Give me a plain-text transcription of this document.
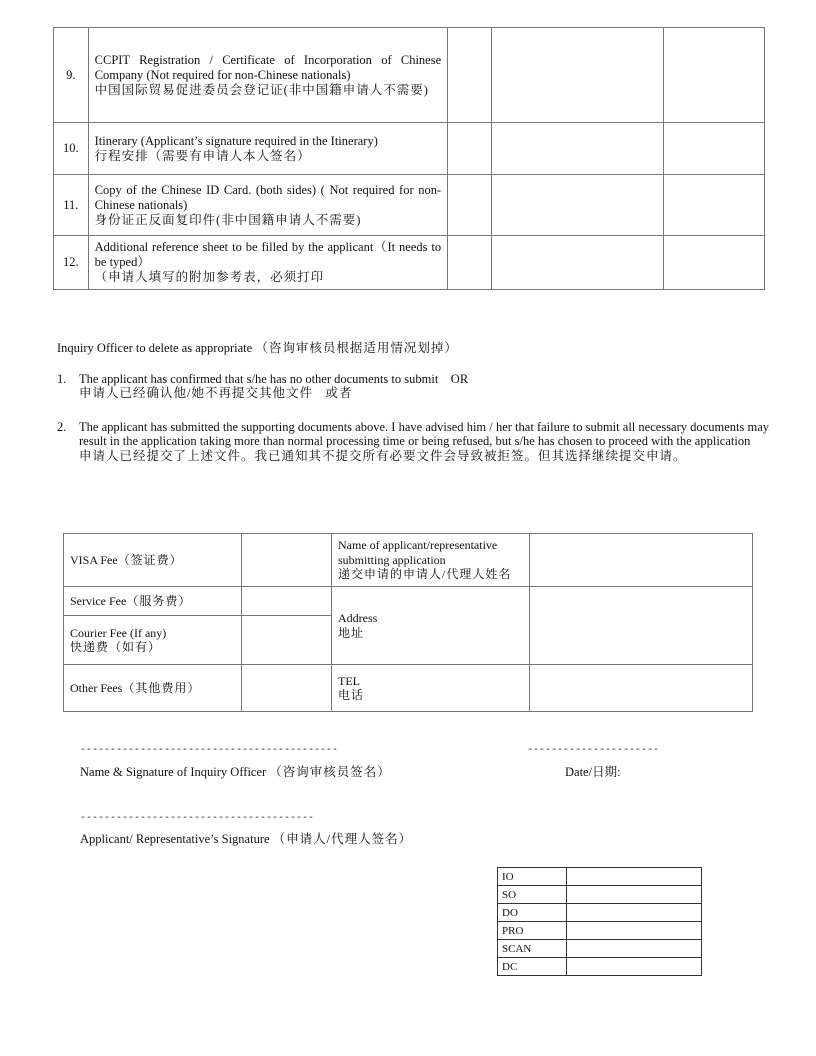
9.	CCPIT Registration / Certificate of Incorporation of Chinese Company (Not required for non-Chinese nationals)
中国国际贸易促进委员会登记证(非中国籍申请人不需要)			

10.	Itinerary (Applicant’s signature required in the Itinerary)
行程安排（需要有申请人本人签名）			

11.	Copy of the Chinese ID Card. (both sides) ( Not required for non-Chinese nationals)
身份证正反面复印件(非中国籍申请人不需要)			

12.	Additional reference sheet to be filled by the applicant（It needs to be typed）
（申请人填写的附加参考表，必须打印			

Inquiry Officer to delete as appropriate （咨询审核员根据适用情况划掉）
1. The applicant has confirmed that s/he has no other documents to submit    OR
申请人已经确认他/她不再提交其他文件   或者
2. The applicant has submitted the supporting documents above. I have advised him / her that failure to submit all necessary documents may result in the application taking more than normal processing time or being refused, but s/he has chosen to proceed with the application
申请人已经提交了上述文件。我已通知其不提交所有必要文件会导致被拒签。但其选择继续提交申请。
VISA Fee（签证费）		Name of applicant/representative submitting application
递交申请的申请人/代理人姓名	

Service Fee（服务费）		Address
地址	

Courier Fee (If any)
快递费（如有）			

Other Fees（其他费用）		TEL
电话	

-------------------------------------------	----------------------
Name & Signature of Inquiry Officer （咨询审核员签名）	Date/日期:
---------------------------------------
Applicant/ Representative’s Signature （申请人/代理人签名）
IO	
SO	
DO	
PRO	
SCAN	
DC	
